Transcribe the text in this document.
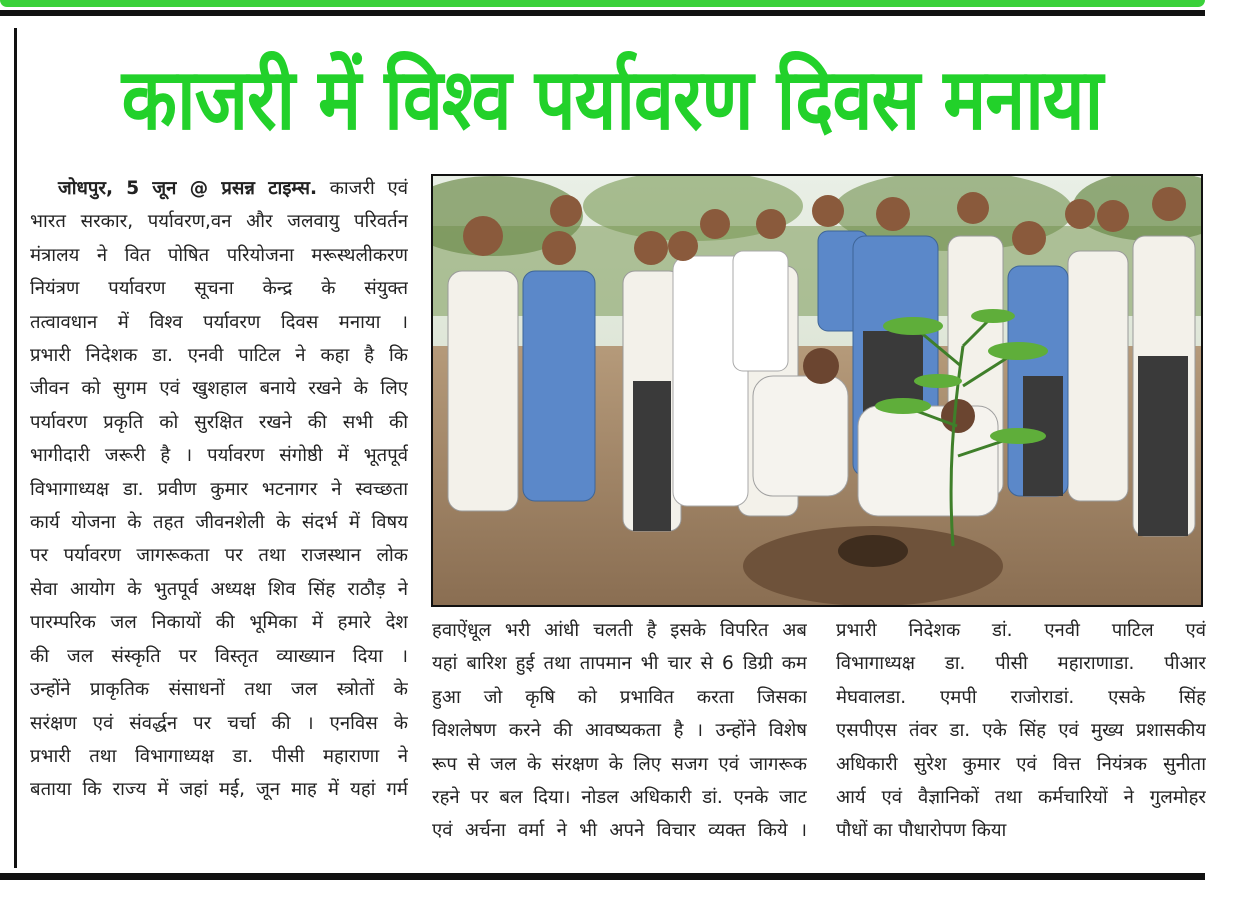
काजरी में विश्व पर्यावरण दिवस मनाया
जोधपुर, 5 जून @ प्रसन्न टाइम्स. काजरी एवं
भारत सरकार, पर्यावरण,वन और जलवायु परिवर्तन
मंत्रालय ने वित पोषित परियोजना मरूस्थलीकरण
नियंत्रण पर्यावरण सूचना केन्द्र के संयुक्त
तत्वावधान में विश्व पर्यावरण दिवस मनाया ।
प्रभारी निदेशक डा. एनवी पाटिल ने कहा है कि
जीवन को सुगम एवं खुशहाल बनाये रखने के लिए
पर्यावरण प्रकृति को सुरक्षित रखने की सभी की
भागीदारी जरूरी है । पर्यावरण संगोष्ठी में भूतपूर्व
विभागाध्यक्ष डा. प्रवीण कुमार भटनागर ने स्वच्छता
कार्य योजना के तहत जीवनशेली के संदर्भ में विषय
पर पर्यावरण जागरूकता पर तथा राजस्थान लोक
सेवा आयोग के भुतपूर्व अध्यक्ष शिव सिंह राठौड़ ने
पारम्परिक जल निकायों की भूमिका में हमारे देश
की जल संस्कृति पर विस्तृत व्याख्यान दिया ।
उन्होंने प्राकृतिक संसाधनों तथा जल स्त्रोतों के
सरंक्षण एवं संवर्द्धन पर चर्चा की । एनविस के
प्रभारी तथा विभागाध्यक्ष डा. पीसी महाराणा ने
बताया कि राज्य में जहां मई, जून माह में यहां गर्म
हवाऐंधूल भरी आंधी चलती है इसके विपरित अब
यहां बारिश हुई तथा तापमान भी चार से 6 डिग्री कम
हुआ जो कृषि को प्रभावित करता जिसका
विशलेषण करने की आवष्यकता है । उन्होंने विशेष
रूप से जल के संरक्षण के लिए सजग एवं जागरूक
रहने पर बल दिया। नोडल अधिकारी डां. एनके जाट
एवं अर्चना वर्मा ने भी अपने विचार व्यक्त किये ।
प्रभारी निदेशक डां. एनवी पाटिल एवं
विभागाध्यक्ष डा. पीसी महाराणाडा. पीआर
मेघवालडा. एमपी राजोराडां. एसके सिंह
एसपीएस तंवर डा. एके सिंह एवं मुख्य प्रशासकीय
अधिकारी सुरेश कुमार एवं वित्त नियंत्रक सुनीता
आर्य एवं वैज्ञानिकों तथा कर्मचारियों ने गुलमोहर
पौधों का पौधारोपण किया
